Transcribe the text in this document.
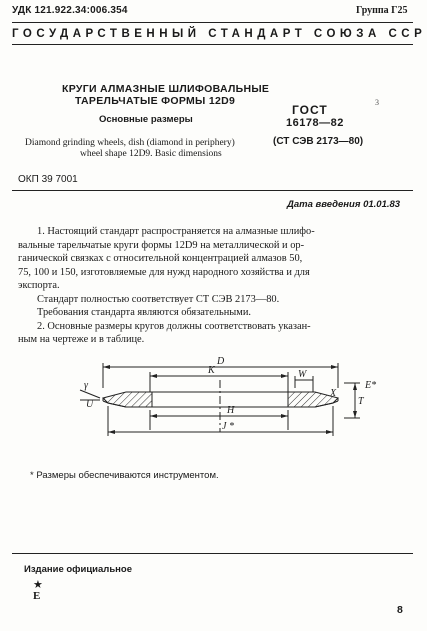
УДК 121.922.34:006.354	Группа Г25
ГОСУДАРСТВЕННЫЙ СТАНДАРТ СОЮЗА ССР
КРУГИ АЛМАЗНЫЕ ШЛИФОВАЛЬНЫЕ
ТАРЕЛЬЧАТЫЕ ФОРМЫ 12D9
Основные размеры
Diamond grinding wheels, dish (diamond in periphery)
wheel shape 12D9. Basic dimensions
3
ГОСТ
16178—82
(СТ СЭВ 2173—80)
ОКП 39 7001
Дата введения 01.01.83
1. Настоящий стандарт распространяется на алмазные шлифо-
вальные тарельчатые круги формы 12D9 на металлической и ор-
ганической связках с относительной концентрацией алмазов 50,
75, 100 и 150, изготовляемые для нужд народного хозяйства и для
экспорта.
Стандарт полностью соответствует СТ СЭВ 2173—80.
Требования стандарта являются обязательными.
2. Основные размеры кругов должны соответствовать указан-
ным на чертеже и в таблице.
D
K	W
X
H
J *
γ
T
E*
U
* Размеры обеспечиваются инструментом.
Издание официальное
★
Е
8
